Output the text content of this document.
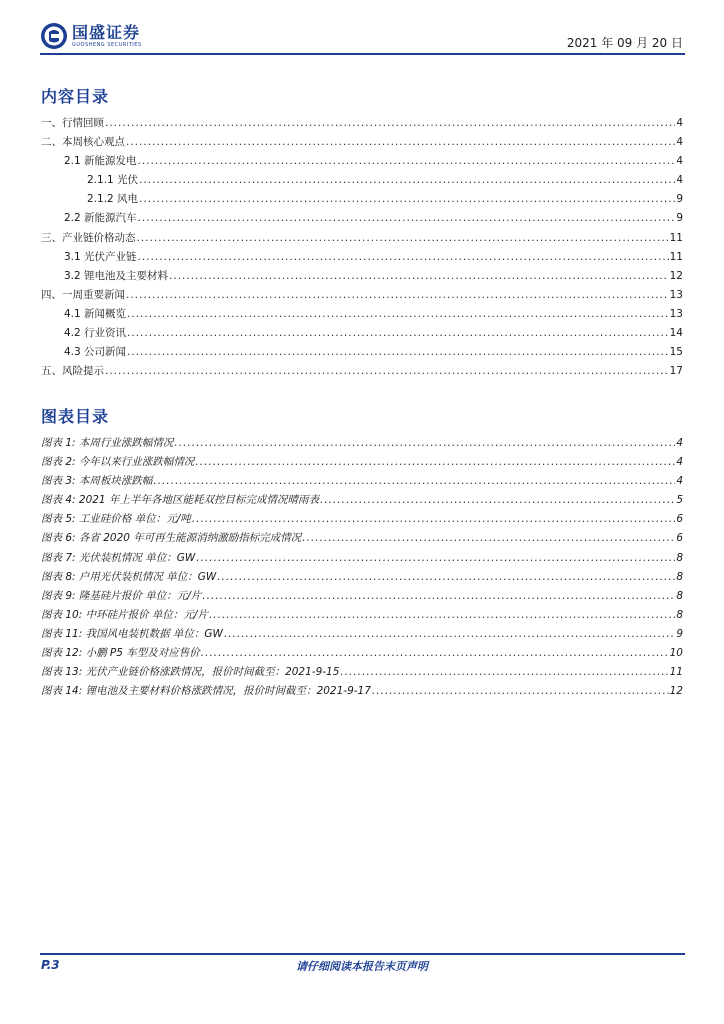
国盛证券
GUOSHENG SECURITIES	2021 年 09 月 20 日
内容目录
一、行情回顾 .....	4
二、本周核心观点 .....	4
2.1 新能源发电 .....	4
2.1.1 光伏 .....	4
2.1.2 风电 .....	9
2.2 新能源汽车 .....	9
三、产业链价格动态 .....	11
3.1 光伏产业链 .....	11
3.2 锂电池及主要材料 .....	12
四、一周重要新闻 .....	13
4.1 新闻概览 .....	13
4.2 行业资讯 .....	14
4.3 公司新闻 .....	15
五、风险提示 .....	17
图表目录
图表 1: 本周行业涨跌幅情况 .....	4
图表 2: 今年以来行业涨跌幅情况 .....	4
图表 3: 本周板块涨跌幅 .....	4
图表 4: 2021 年上半年各地区能耗双控目标完成情况晴雨表 .....	5
图表 5: 工业硅价格 单位：元/吨 .....	6
图表 6: 各省 2020 年可再生能源消纳激励指标完成情况 .....	6
图表 7: 光伏装机情况 单位：GW .....	8
图表 8: 户用光伏装机情况 单位：GW .....	8
图表 9: 隆基硅片报价 单位：元/片 .....	8
图表 10: 中环硅片报价 单位：元/片 .....	8
图表 11: 我国风电装机数据 单位：GW .....	9
图表 12: 小鹏 P5 车型及对应售价 .....	10
图表 13: 光伏产业链价格涨跌情况，报价时间截至：2021-9-15 .....	11
图表 14: 锂电池及主要材料价格涨跌情况，报价时间截至：2021-9-17 .....	12
P.3	请仔细阅读本报告末页声明
